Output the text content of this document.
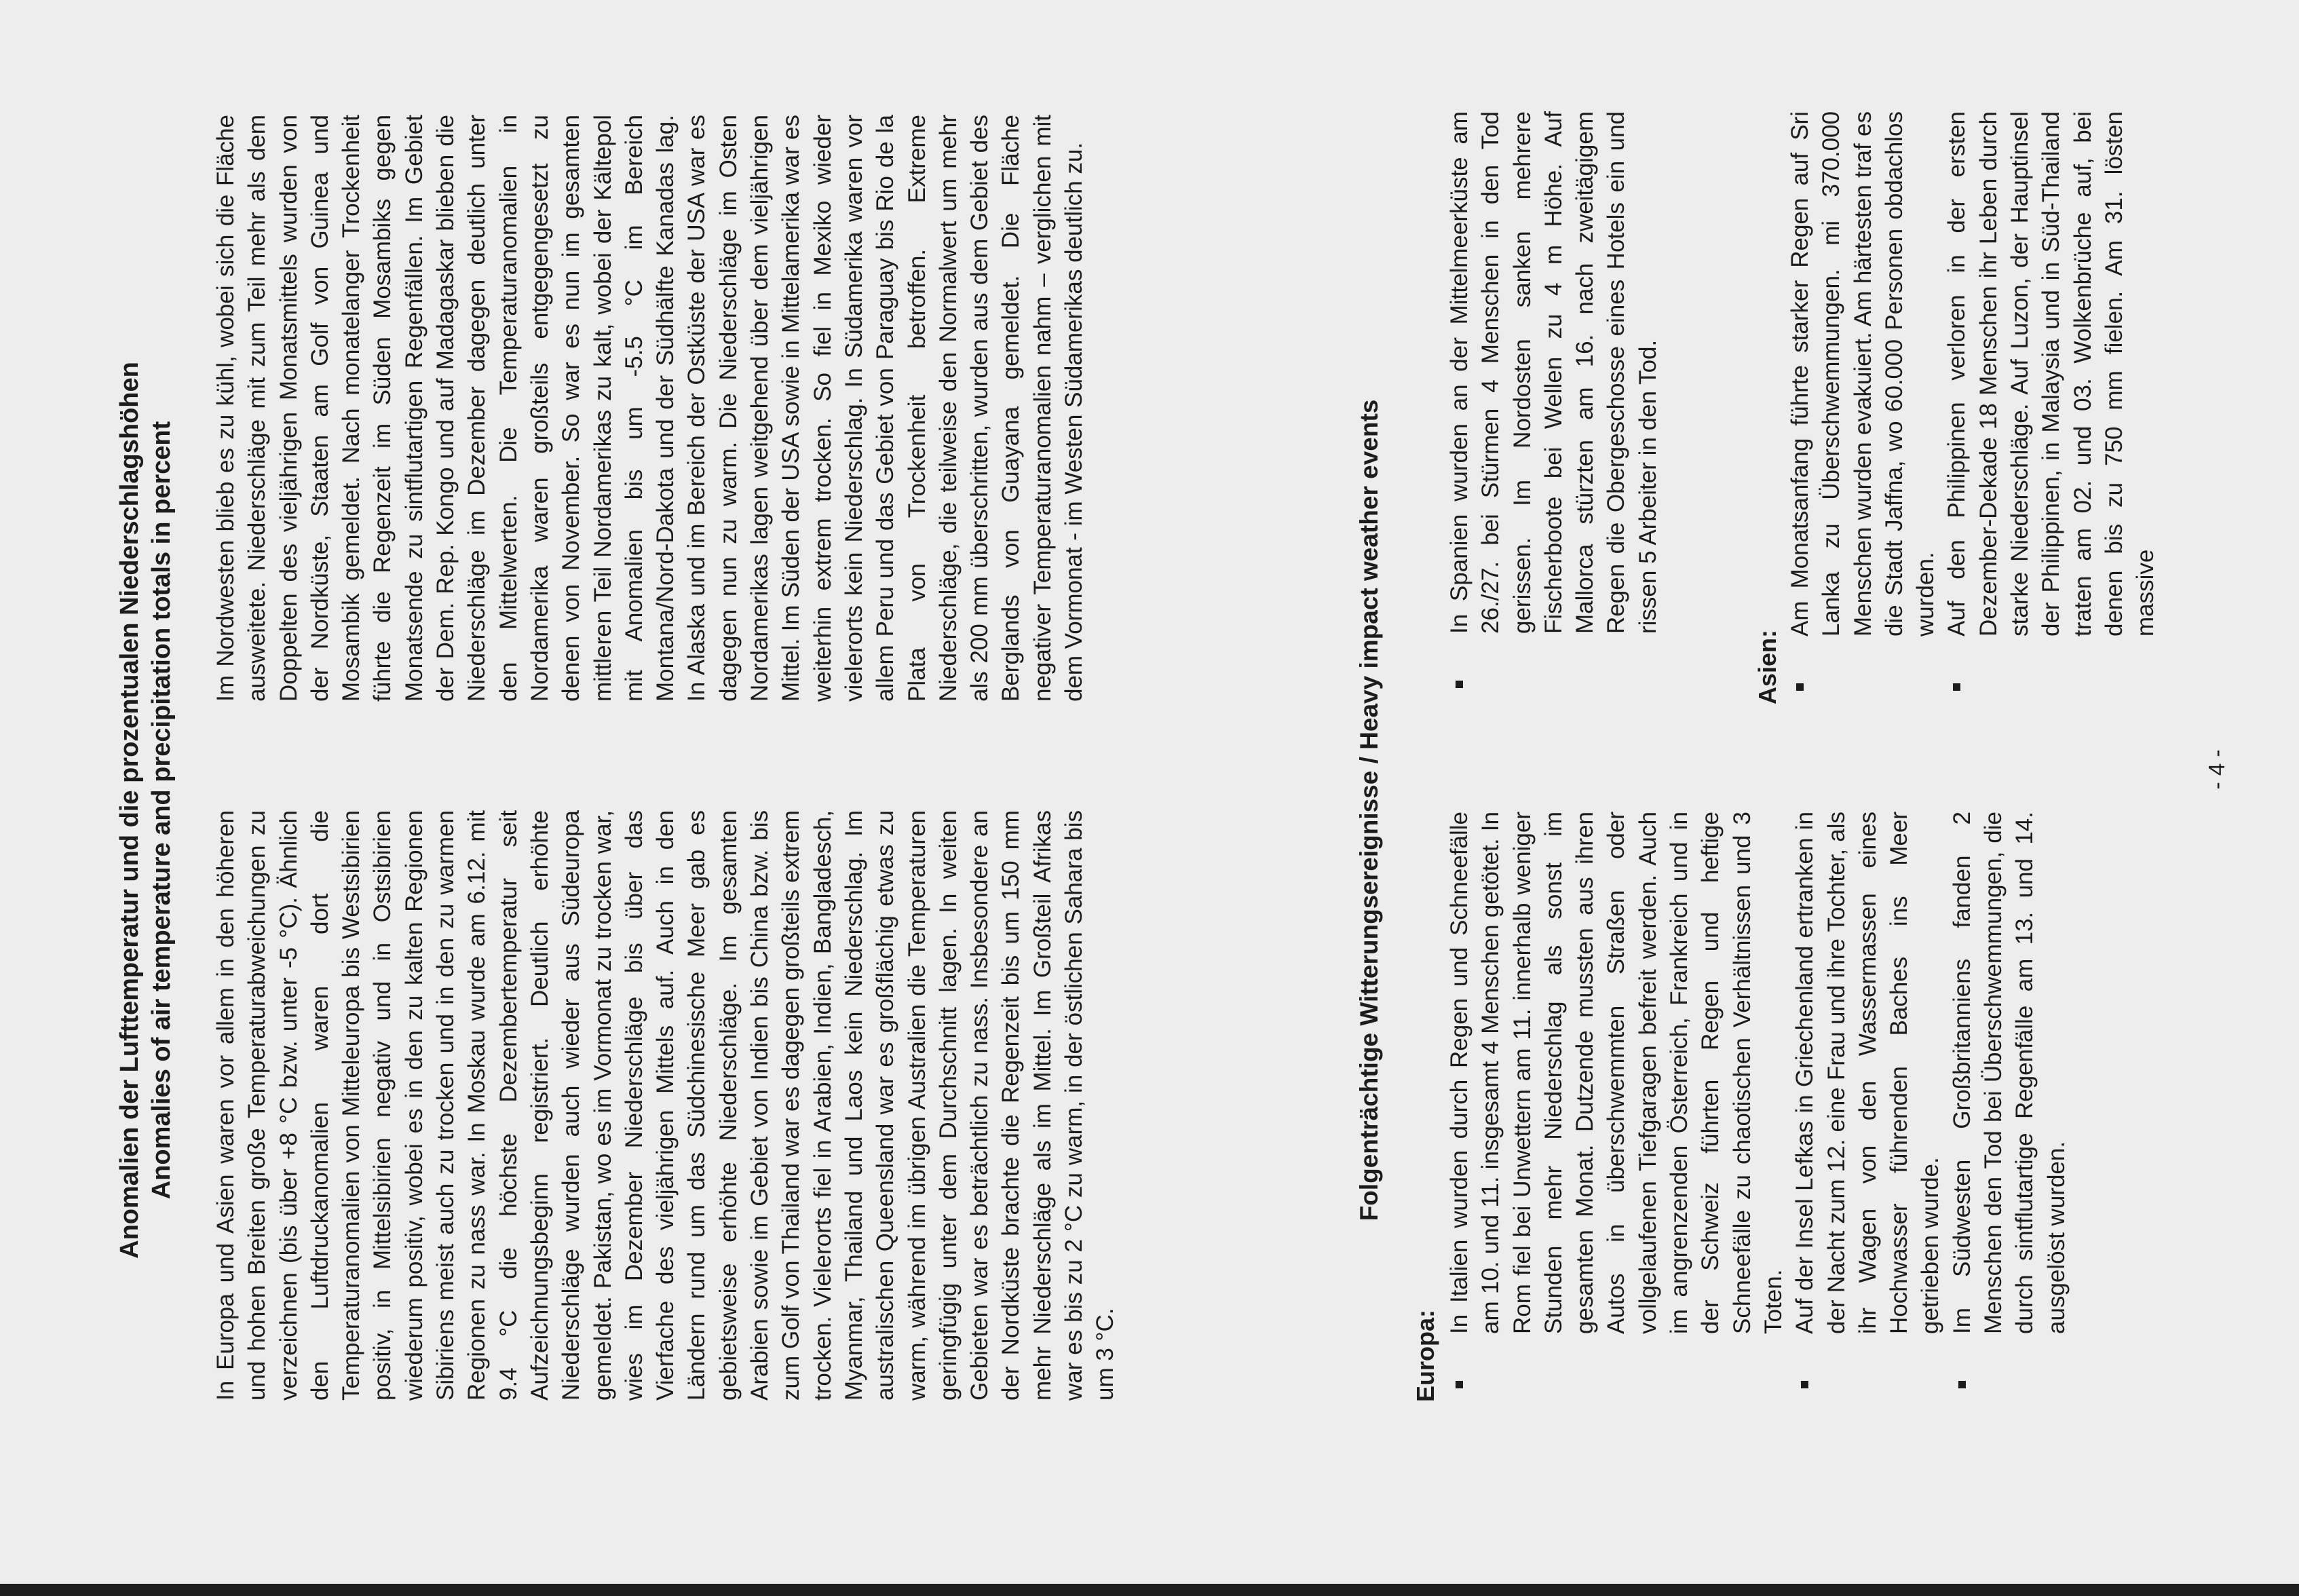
Anomalien der Lufttemperatur und die prozentualen Niederschlagshöhen Anomalies of air temperature and precipitation totals in percent In Europa und Asien waren vor allem in den höheren und hohen Breiten große Temperaturabweichungen zu verzeichnen (bis über +8 °C bzw. unter -5 °C). Ähnlich den Luftdruckanomalien waren dort die Temperaturanomalien von Mitteleuropa bis Westsibirien positiv, in Mittelsibirien negativ und in Ostsibirien wiederum positiv, wobei es in den zu kalten Regionen Sibiriens meist auch zu trocken und in den zu warmen Regionen zu nass war. In Moskau wurde am 6.12. mit 9.4 °C die höchste Dezembertemperatur seit Aufzeichnungsbeginn registriert. Deutlich erhöhte Niederschläge wurden auch wieder aus Südeuropa gemeldet. Pakistan, wo es im Vormonat zu trocken war, wies im Dezember Niederschläge bis über das Vierfache des vieljährigen Mittels auf. Auch in den Ländern rund um das Südchinesische Meer gab es gebietsweise erhöhte Niederschläge. Im gesamten Arabien sowie im Gebiet von Indien bis China bzw. bis zum Golf von Thailand war es dagegen großteils extrem trocken. Vielerorts fiel in Arabien, Indien, Bangladesch, Myanmar, Thailand und Laos kein Niederschlag. Im australischen Queensland war es großflächig etwas zu warm, während im übrigen Australien die Temperaturen geringfügig unter dem Durchschnitt lagen. In weiten Gebieten war es beträchtlich zu nass. Insbesondere an der Nordküste brachte die Regenzeit bis um 150 mm mehr Niederschläge als im Mittel. Im Großteil Afrikas war es bis zu 2 °C zu warm, in der östlichen Sahara bis um 3 °C.

Im Nordwesten blieb es zu kühl, wobei sich die Fläche ausweitete. Niederschläge mit zum Teil mehr als dem Doppelten des vieljährigen Monatsmittels wurden von der Nordküste, Staaten am Golf von Guinea und Mosambik gemeldet. Nach monatelanger Trockenheit führte die Regenzeit im Süden Mosambiks gegen Monatsende zu sintflutartigen Regenfällen. Im Gebiet der Dem. Rep. Kongo und auf Madagaskar blieben die Niederschläge im Dezember dagegen deutlich unter den Mittelwerten. Die Temperaturanomalien in Nordamerika waren großteils entgegengesetzt zu denen von November. So war es nun im gesamten mittleren Teil Nordamerikas zu kalt, wobei der Kältepol mit Anomalien bis um -5.5 °C im Bereich Montana/Nord-Dakota und der Südhälfte Kanadas lag. In Alaska und im Bereich der Ostküste der USA war es dagegen nun zu warm. Die Niederschläge im Osten Nordamerikas lagen weitgehend über dem vieljährigen Mittel. Im Süden der USA sowie in Mittelamerika war es weiterhin extrem trocken. So fiel in Mexiko wieder vielerorts kein Niederschlag. In Südamerika waren vor allem Peru und das Gebiet von Paraguay bis Rio de la Plata von Trockenheit betroffen. Extreme Niederschläge, die teilweise den Normalwert um mehr als 200 mm überschritten, wurden aus dem Gebiet des Berglands von Guayana gemeldet. Die Fläche negativer Temperaturanomalien nahm – verglichen mit dem Vormonat - im Westen Südamerikas deutlich zu.	Folgenträchtige Witterungsereignisse / Heavy impact weather events
Europa:
In Italien wurden durch Regen und Schneefälle am 10. und 11. insgesamt 4 Menschen getötet. In Rom fiel bei Unwettern am 11. innerhalb weniger Stunden mehr Niederschlag als sonst im gesamten Monat. Dutzende mussten aus ihren Autos in überschwemmten Straßen oder vollgelaufenen Tiefgaragen befreit werden. Auch im angrenzenden Österreich, Frankreich und in der Schweiz führten Regen und heftige Schneefälle zu chaotischen Verhältnissen und 3 Toten. Auf der Insel Lefkas in Griechenland ertranken in der Nacht zum 12. eine Frau und ihre Tochter, als ihr Wagen von den Wassermassen eines Hochwasser führenden Baches ins Meer getrieben wurde. Im Südwesten Großbritanniens fanden 2 Menschen den Tod bei Überschwemmungen, die durch sintflutartige Regenfälle am 13. und 14. ausgelöst wurden.
In Spanien wurden an der Mittelmeerküste am 26./27. bei Stürmen 4 Menschen in den Tod gerissen. Im Nordosten sanken mehrere Fischerboote bei Wellen zu 4 m Höhe. Auf Mallorca stürzten am 16. nach zweitägigem Regen die Obergeschosse eines Hotels ein und rissen 5 Arbeiter in den Tod.
Asien:
Am Monatsanfang führte starker Regen auf Sri Lanka zu Überschwemmungen. mi 370.000 Menschen wurden evakuiert. Am härtesten traf es die Stadt Jaffna, wo 60.000 Personen obdachlos wurden. Auf den Philippinen verloren in der ersten Dezember-Dekade 18 Menschen ihr Leben durch starke Niederschläge. Auf Luzon, der Hauptinsel der Philippinen, in Malaysia und in Süd-Thailand traten am 02. und 03. Wolkenbrüche auf, bei denen bis zu 750 mm fielen. Am 31. lösten massive
- 4 -
